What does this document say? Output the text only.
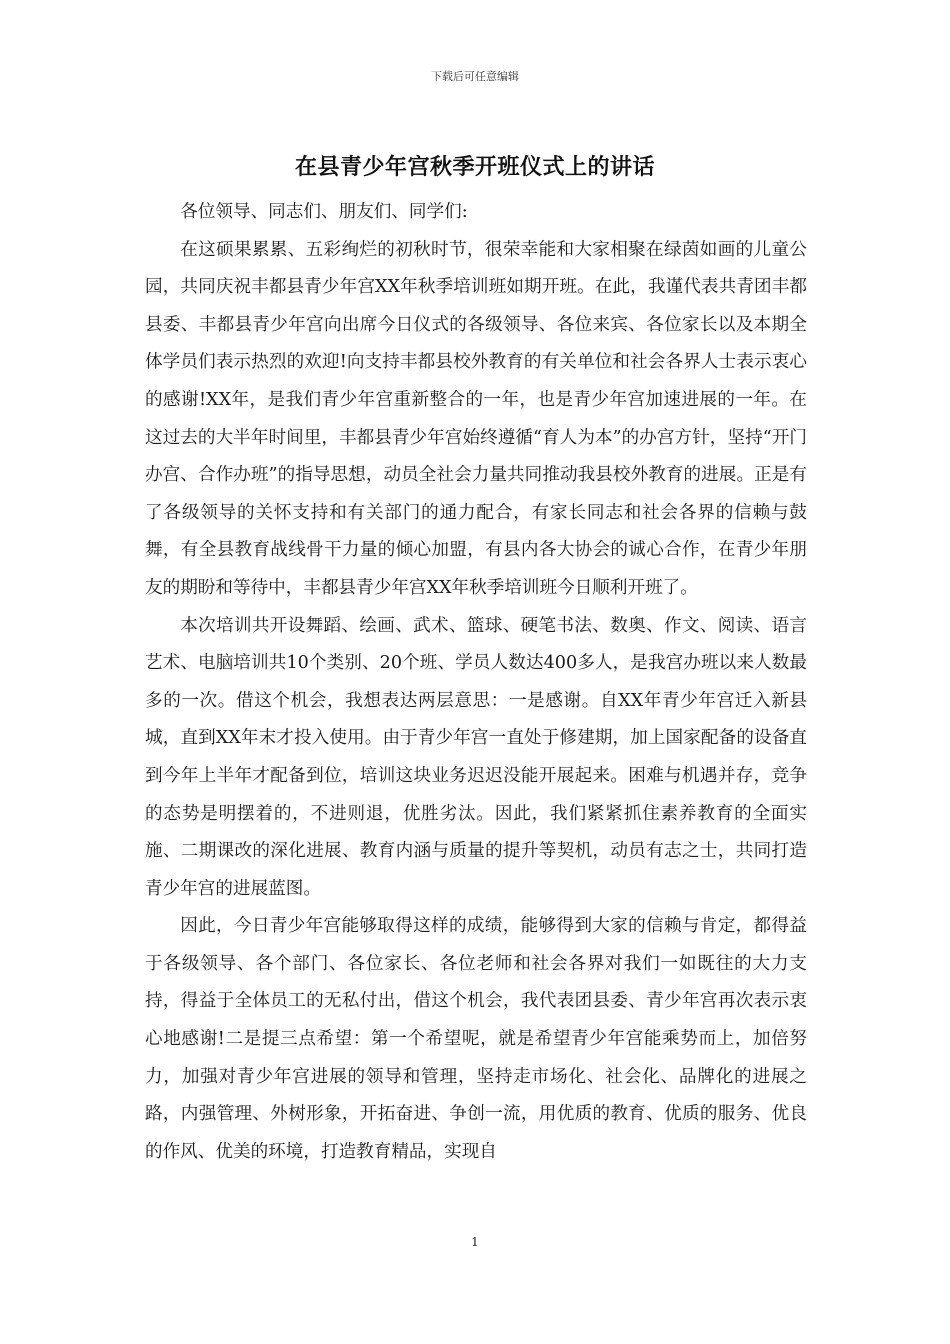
下载后可任意编辑
在县青少年宫秋季开班仪式上的讲话

各位领导、同志们、朋友们、同学们:

在这硕果累累、五彩绚烂的初秋时节，很荣幸能和大家相聚在绿茵如画的儿童公园，共同庆祝丰都县青少年宫XX年秋季培训班如期开班。在此，我谨代表共青团丰都县委、丰都县青少年宫向出席今日仪式的各级领导、各位来宾、各位家长以及本期全体学员们表示热烈的欢迎!向支持丰都县校外教育的有关单位和社会各界人士表示衷心的感谢!XX年，是我们青少年宫重新整合的一年，也是青少年宫加速进展的一年。在这过去的大半年时间里，丰都县青少年宫始终遵循“育人为本”的办宫方针，坚持“开门办宫、合作办班”的指导思想，动员全社会力量共同推动我县校外教育的进展。正是有了各级领导的关怀支持和有关部门的通力配合，有家长同志和社会各界的信赖与鼓舞，有全县教育战线骨干力量的倾心加盟，有县内各大协会的诚心合作，在青少年朋友的期盼和等待中，丰都县青少年宫XX年秋季培训班今日顺利开班了。

本次培训共开设舞蹈、绘画、武术、篮球、硬笔书法、数奥、作文、阅读、语言艺术、电脑培训共10个类别、20个班、学员人数达400多人，是我宫办班以来人数最多的一次。借这个机会，我想表达两层意思：一是感谢。自XX年青少年宫迁入新县城，直到XX年末才投入使用。由于青少年宫一直处于修建期，加上国家配备的设备直到今年上半年才配备到位，培训这块业务迟迟没能开展起来。困难与机遇并存，竞争的态势是明摆着的，不进则退，优胜劣汰。因此，我们紧紧抓住素养教育的全面实施、二期课改的深化进展、教育内涵与质量的提升等契机，动员有志之士，共同打造青少年宫的进展蓝图。

因此，今日青少年宫能够取得这样的成绩，能够得到大家的信赖与肯定，都得益于各级领导、各个部门、各位家长、各位老师和社会各界对我们一如既往的大力支持，得益于全体员工的无私付出，借这个机会，我代表团县委、青少年宫再次表示衷心地感谢!二是提三点希望：第一个希望呢，就是希望青少年宫能乘势而上，加倍努力，加强对青少年宫进展的领导和管理，坚持走市场化、社会化、品牌化的进展之路，内强管理、外树形象，开拓奋进、争创一流，用优质的教育、优质的服务、优良的作风、优美的环境，打造教育精品，实现自

1
